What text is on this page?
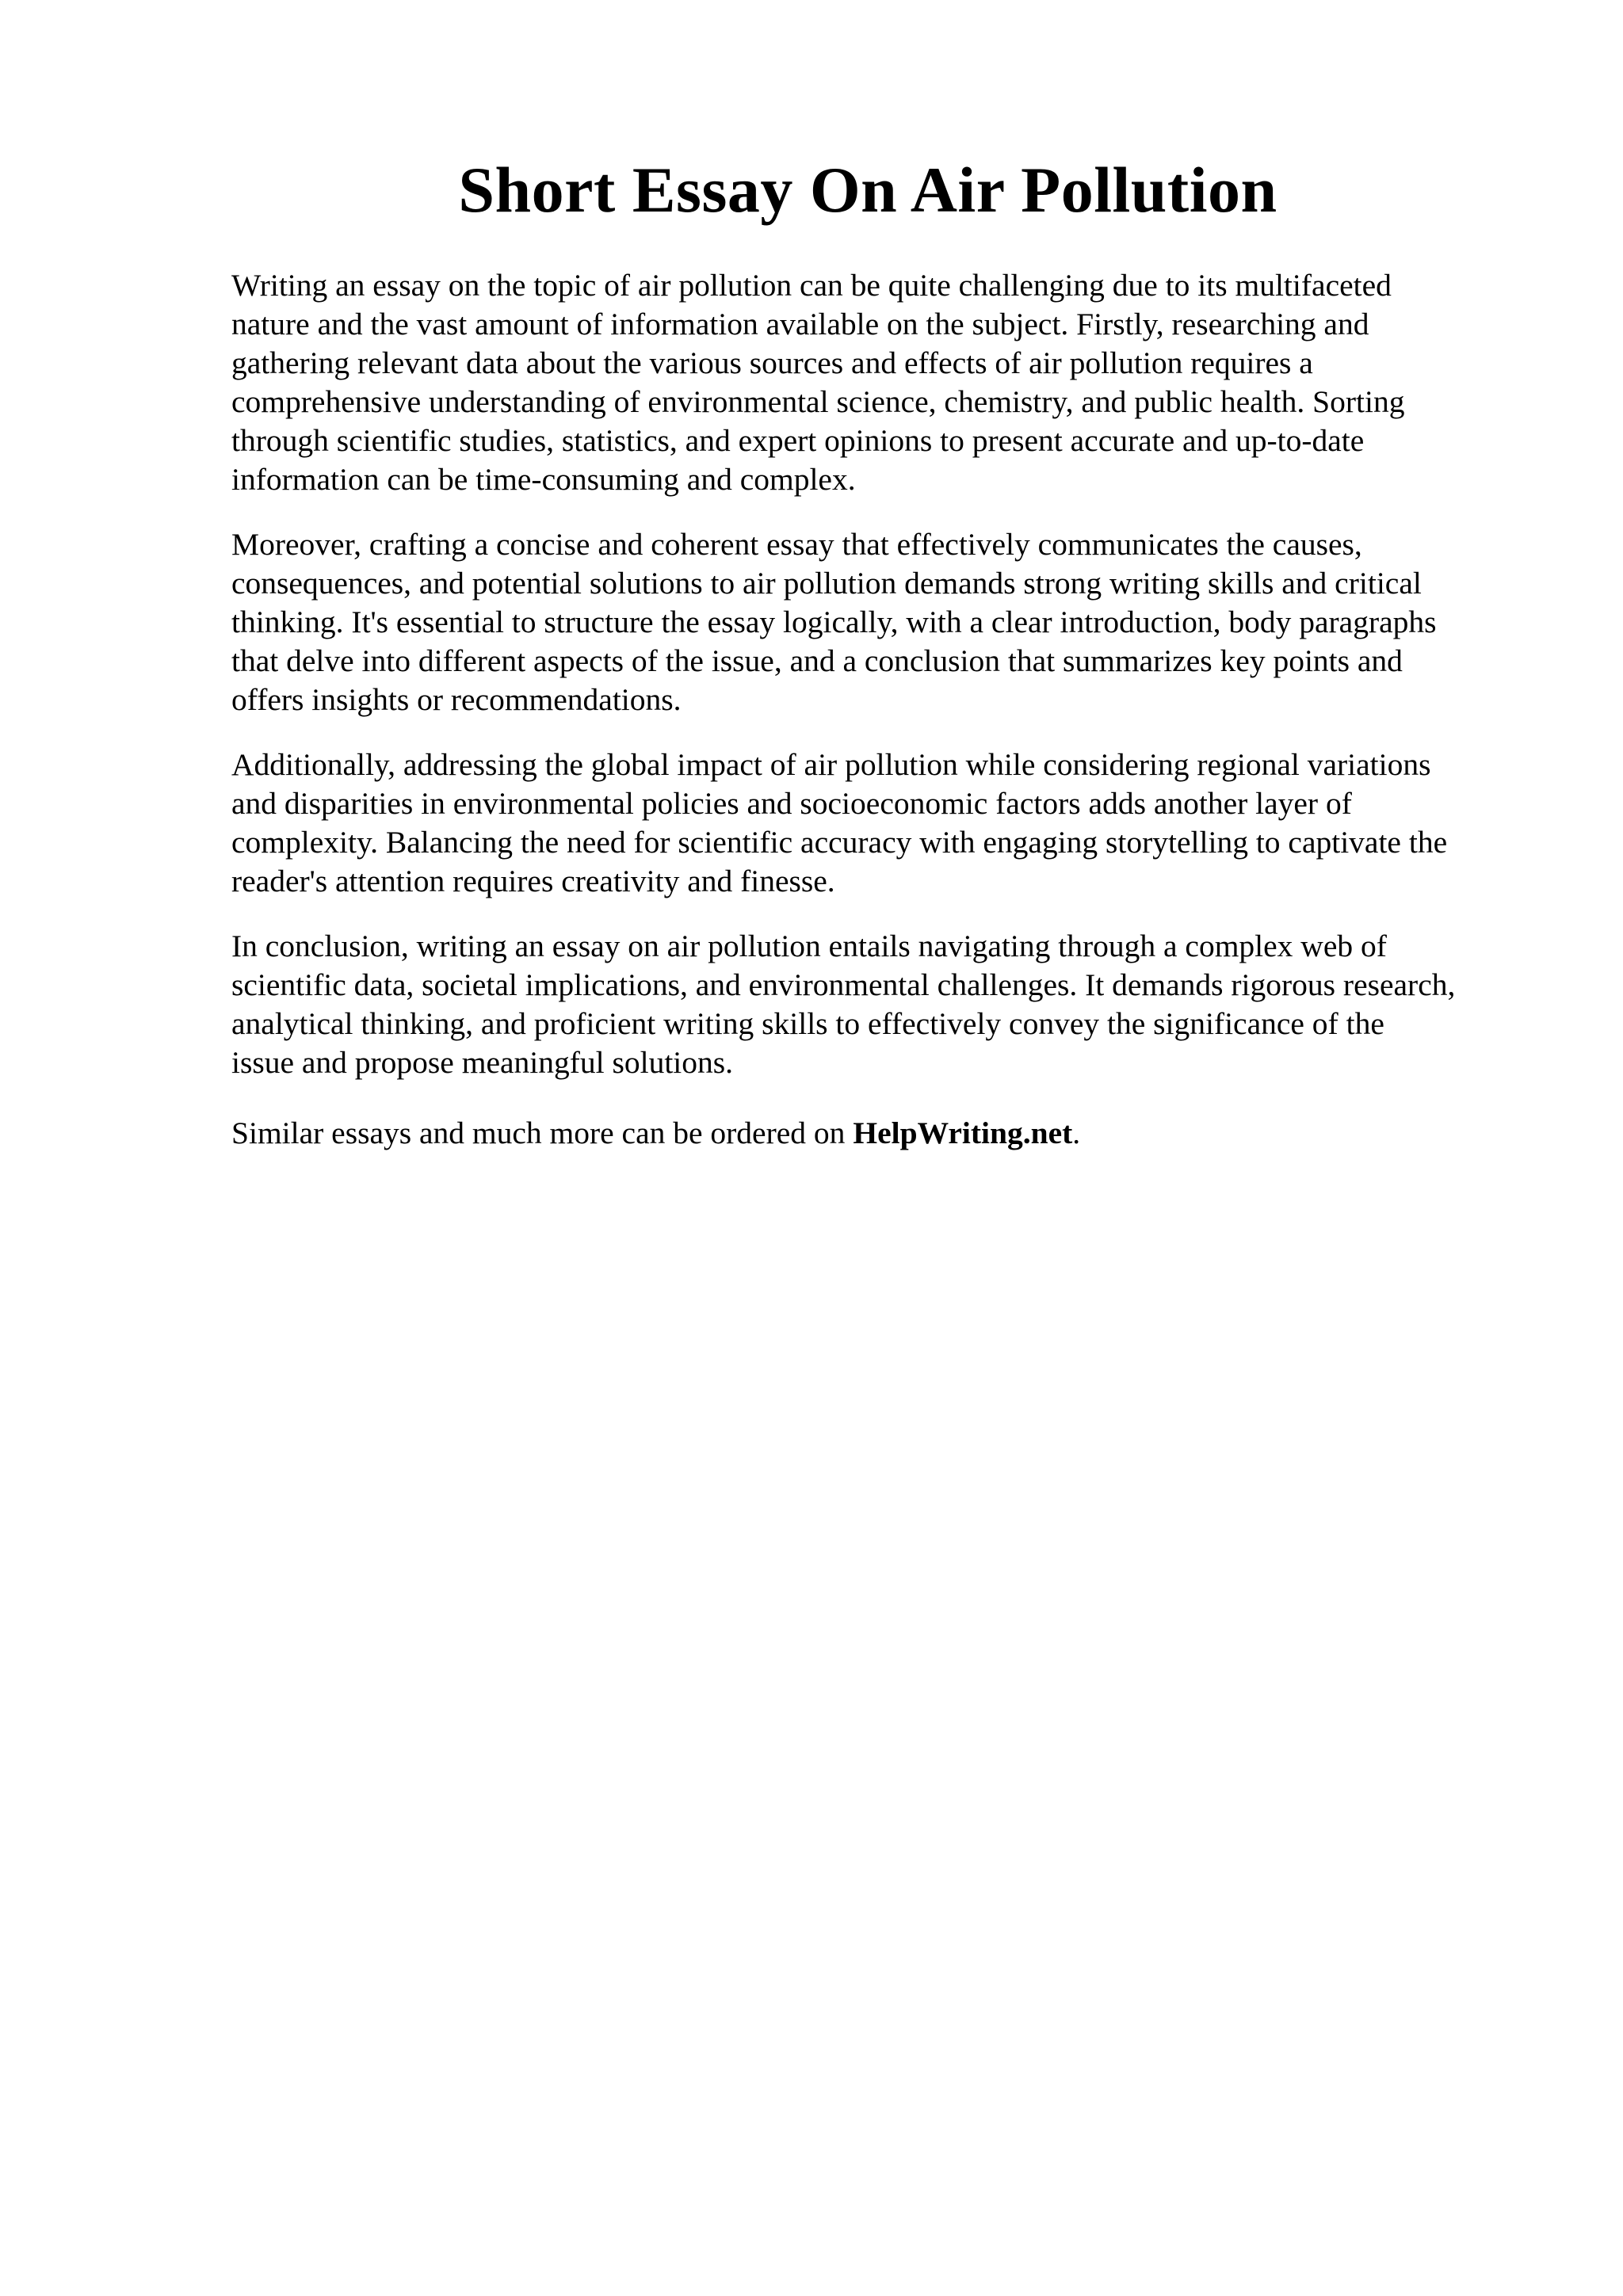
Short Essay On Air Pollution

Writing an essay on the topic of air pollution can be quite challenging due to its multifaceted
nature and the vast amount of information available on the subject. Firstly, researching and
gathering relevant data about the various sources and effects of air pollution requires a
comprehensive understanding of environmental science, chemistry, and public health. Sorting
through scientific studies, statistics, and expert opinions to present accurate and up-to-date
information can be time-consuming and complex.

Moreover, crafting a concise and coherent essay that effectively communicates the causes,
consequences, and potential solutions to air pollution demands strong writing skills and critical
thinking. It's essential to structure the essay logically, with a clear introduction, body paragraphs
that delve into different aspects of the issue, and a conclusion that summarizes key points and
offers insights or recommendations.

Additionally, addressing the global impact of air pollution while considering regional variations
and disparities in environmental policies and socioeconomic factors adds another layer of
complexity. Balancing the need for scientific accuracy with engaging storytelling to captivate the
reader's attention requires creativity and finesse.

In conclusion, writing an essay on air pollution entails navigating through a complex web of
scientific data, societal implications, and environmental challenges. It demands rigorous research,
analytical thinking, and proficient writing skills to effectively convey the significance of the
issue and propose meaningful solutions.

Similar essays and much more can be ordered on HelpWriting.net.
